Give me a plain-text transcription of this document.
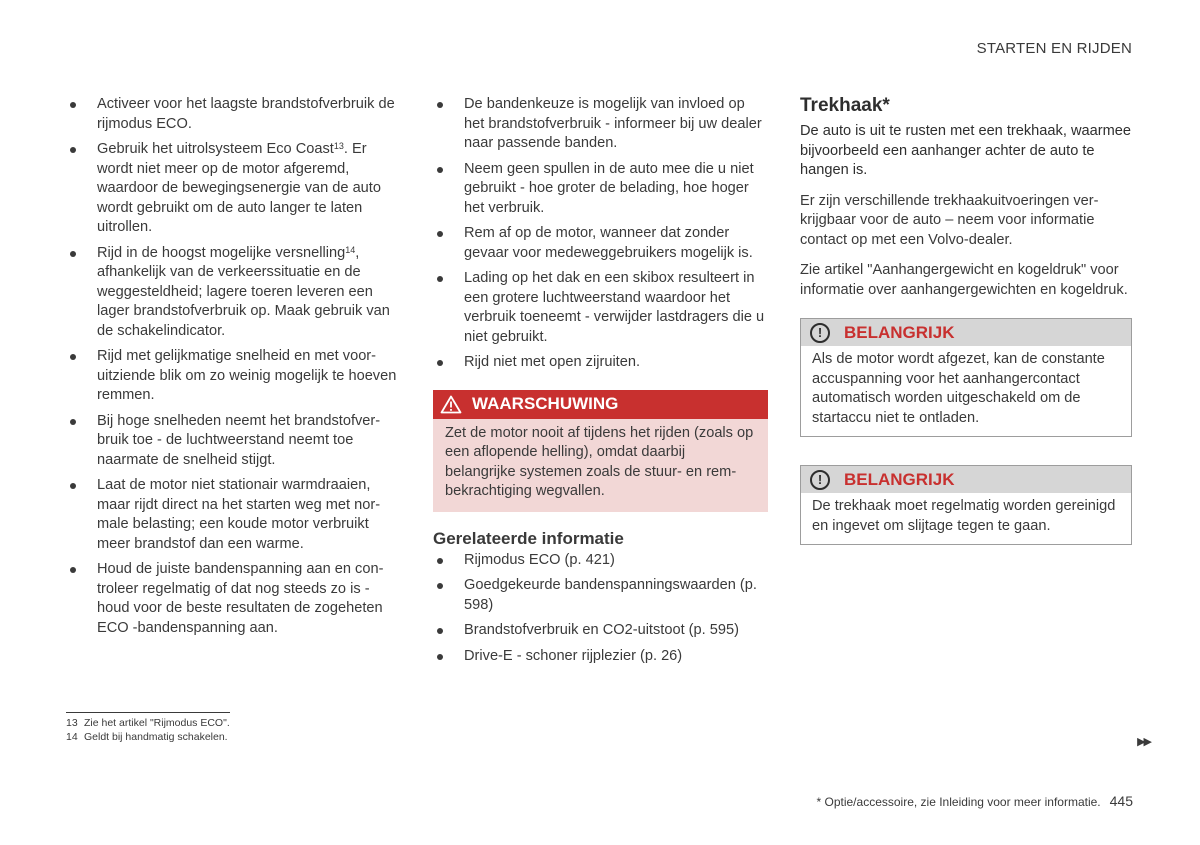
STARTEN EN RIJDEN
Activeer voor het laagste brandstofverbruik de rijmodus ECO.
Gebruik het uitrolsysteem Eco Coast$^{13}$. Er wordt niet meer op de motor afgeremd, waardoor de bewegingsenergie van de auto wordt gebruikt om de auto langer te laten uitrollen.
Rijd in de hoogst mogelijke versnelling$^{14}$, afhankelijk van de verkeerssituatie en de weggesteldheid; lagere toeren leveren een lager brandstofverbruik op. Maak gebruik van de schakelindicator.
Rijd met gelijkmatige snelheid en met vooruitziende blik om zo weinig mogelijk te hoeven remmen.
Bij hoge snelheden neemt het brandstofverbruik toe - de luchtweerstand neemt toe naarmate de snelheid stijgt.
Laat de motor niet stationair warmdraaien, maar rijdt direct na het starten weg met normale belasting; een koude motor verbruikt meer brandstof dan een warme.
Houd de juiste bandenspanning aan en controleer regelmatig of dat nog steeds zo is - houd voor de beste resultaten de zogeheten ECO -bandenspanning aan.
De bandenkeuze is mogelijk van invloed op het brandstofverbruik - informeer bij uw dealer naar passende banden.
Neem geen spullen in de auto mee die u niet gebruikt - hoe groter de belading, hoe hoger het verbruik.
Rem af op de motor, wanneer dat zonder gevaar voor medeweggebruikers mogelijk is.
Lading op het dak en een skibox resulteert in een grotere luchtweerstand waardoor het verbruik toeneemt - verwijder lastdragers die u niet gebruikt.
Rijd niet met open zijruiten.
WAARSCHUWING
Zet de motor nooit af tijdens het rijden (zoals op een aflopende helling), omdat daarbij belangrijke systemen zoals de stuur- en rembekrachtiging wegvallen.
Gerelateerde informatie
Rijmodus ECO (p. 421)
Goedgekeurde bandenspanningswaarden (p. 598)
Brandstofverbruik en CO2-uitstoot (p. 595)
Drive-E - schoner rijplezier (p. 26)
Trekhaak*

De auto is uit te rusten met een trekhaak, waarmee bijvoorbeeld een aanhanger achter de auto te hangen is.

Er zijn verschillende trekhaakuitvoeringen verkrijgbaar voor de auto – neem voor informatie contact op met een Volvo-dealer.

Zie artikel "Aanhangergewicht en kogeldruk" voor informatie over aanhangergewichten en kogeldruk.

!	BELANGRIJK
Als de motor wordt afgezet, kan de constante accuspanning voor het aanhangercontact automatisch worden uitgeschakeld om de startaccu niet te ontladen.
!	BELANGRIJK
De trekhaak moet regelmatig worden gereinigd en ingevet om slijtage tegen te gaan.
13 Zie het artikel "Rijmodus ECO".
14 Geldt bij handmatig schakelen.	▶▶
* Optie/accessoire, zie Inleiding voor meer informatie. 445
